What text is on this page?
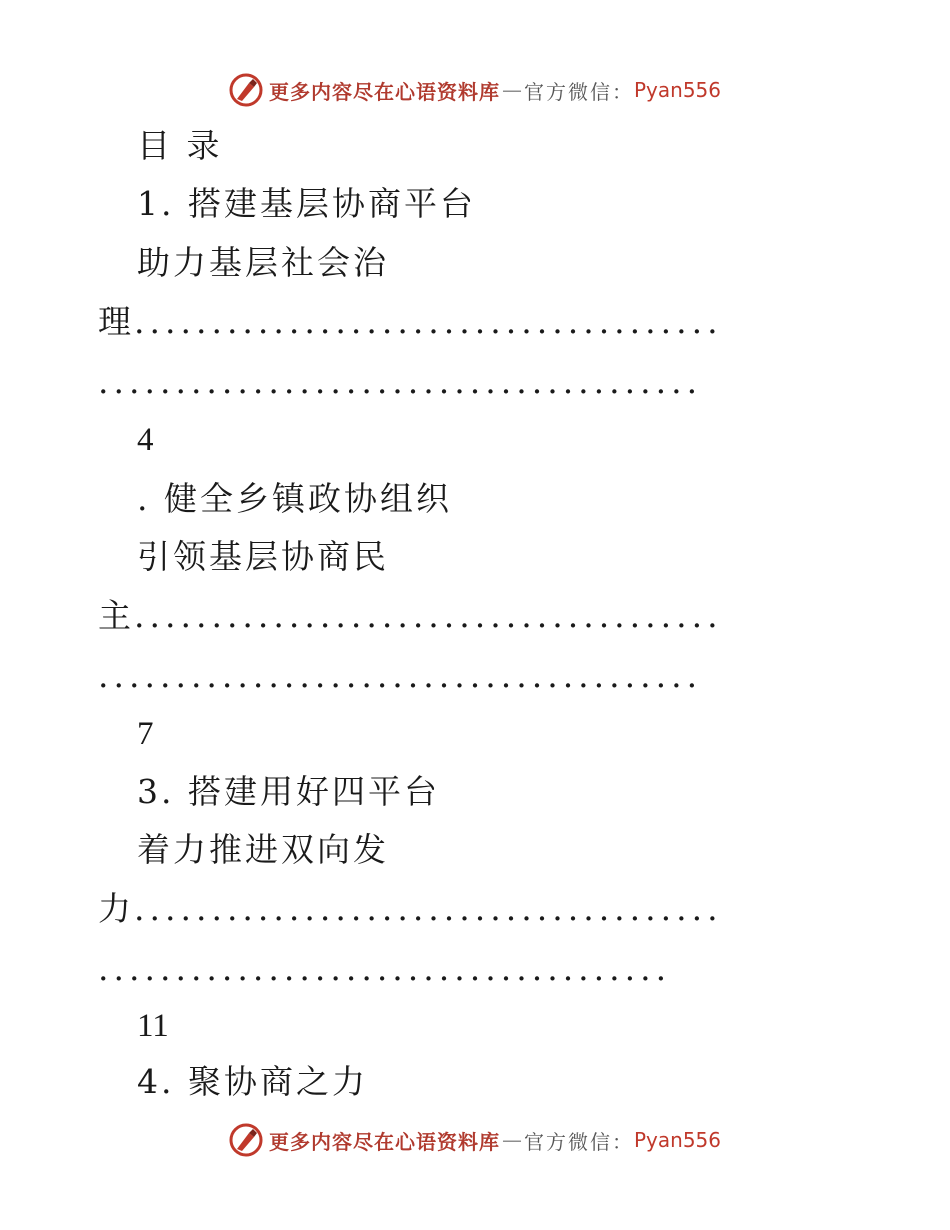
更多内容尽在心语资料库 — 官方微信： Pyan556
目 录
1. 搭建基层协商平台
助力基层社会治
理......................................
.......................................
4
. 健全乡镇政协组织
引领基层协商民
主......................................
.......................................
7
3. 搭建用好四平台
着力推进双向发
力......................................
.....................................
11
4. 聚协商之力
更多内容尽在心语资料库 — 官方微信： Pyan556
